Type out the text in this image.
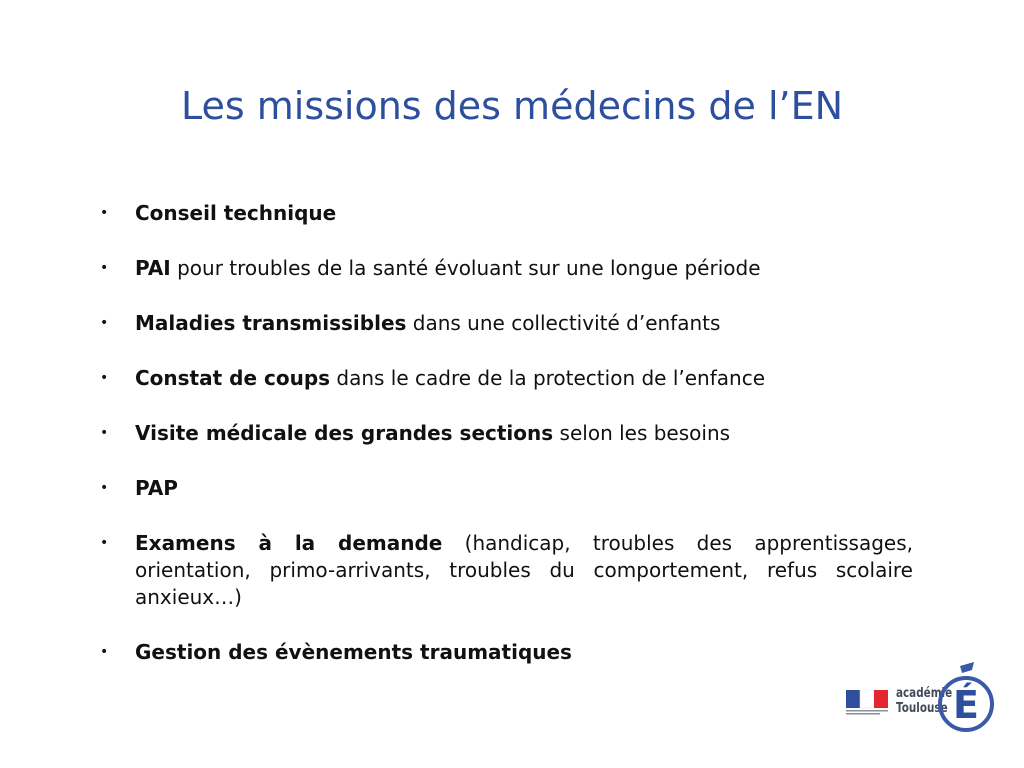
Les missions des médecins de l’EN
• Conseil technique
• PAI pour troubles de la santé évoluant sur une longue période
• Maladies transmissibles dans une collectivité d’enfants
• Constat de coups dans le cadre de la protection de l’enfance
• Visite médicale des grandes sections selon les besoins
• PAP
• Examens à la demande (handicap, troubles des apprentissages, orientation, primo-arrivants, troubles du comportement, refus scolaire anxieux…)
• Gestion des évènements traumatiques
académie
Toulouse É
